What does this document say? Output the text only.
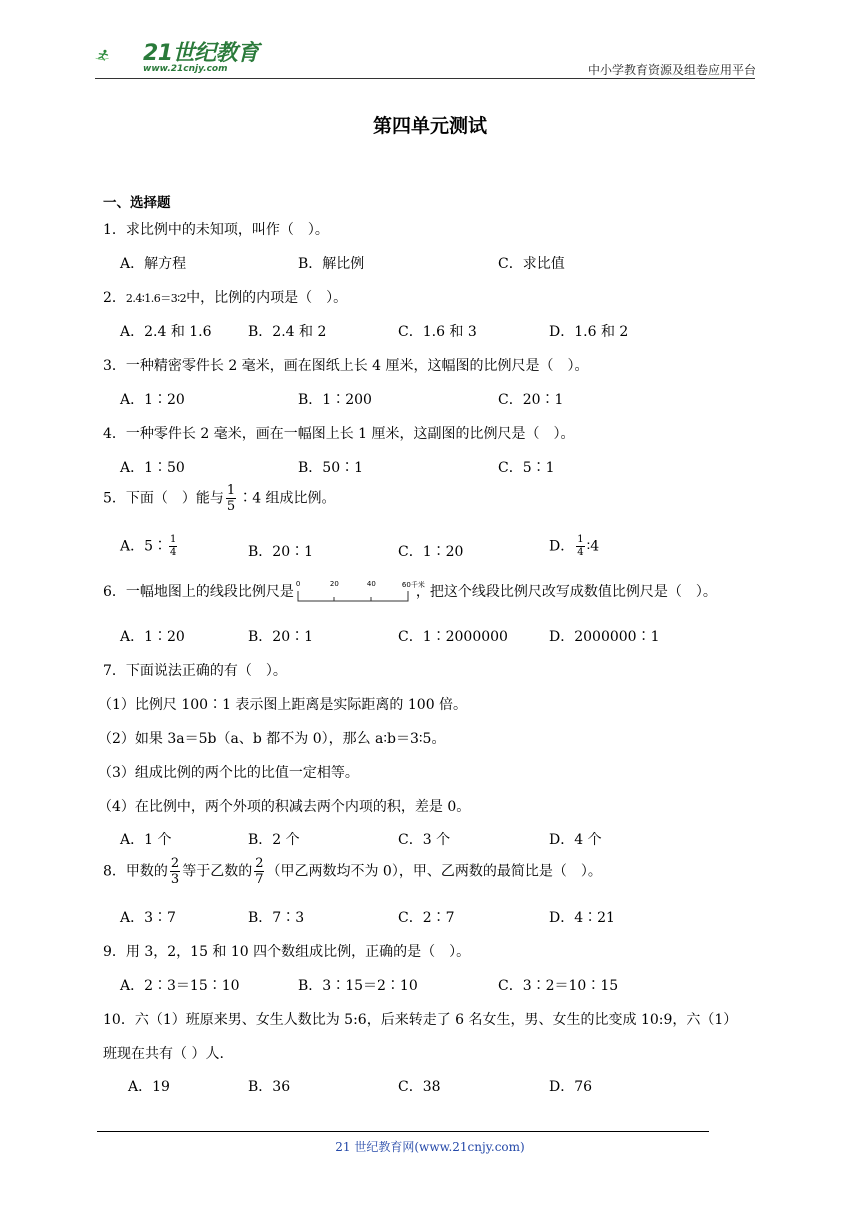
21世纪教育
www.21cnjy.com	中小学教育资源及组卷应用平台
第四单元测试
一、选择题
1．求比例中的未知项，叫作（　）。
A．解方程	B．解比例	C．求比值
2．2.4∶1.6＝3∶2中，比例的内项是（　）。
A．2.4 和 1.6	B．2.4 和 2	C．1.6 和 3	D．1.6 和 2
3．一种精密零件长 2 毫米，画在图纸上长 4 厘米，这幅图的比例尺是（　）。
A．1∶20	B．1∶200	C．20∶1
4．一种零件长 2 毫米，画在一幅图上长 1 厘米，这副图的比例尺是（　）。
A．1∶50	B．50∶1	C．5∶1
5．下面（　）能与 $\frac{1}{5}$ ∶4 组成比例。
A．5∶ $\frac{1}{4}$	B．20∶1	C．1∶20	D． $\frac{1}{4}$ ∶4
6．一幅地图上的线段比例尺是 0	20	40	60千米
，把这个线段比例尺改写成数值比例尺是（　）。
A．1∶20	B．20∶1	C．1∶2000000	D．2000000∶1
7．下面说法正确的有（　）。
（1）比例尺 100∶1 表示图上距离是实际距离的 100 倍。
（2）如果 3a＝5b（a、b 都不为 0），那么 a∶b＝3∶5。
（3）组成比例的两个比的比值一定相等。
（4）在比例中，两个外项的积减去两个内项的积，差是 0。
A．1 个	B．2 个	C．3 个	D．4 个
8．甲数的 $\frac{2}{3}$ 等于乙数的 $\frac{2}{7}$ （甲乙两数均不为 0），甲、乙两数的最简比是（　）。
A．3∶7	B．7∶3	C．2∶7	D．4∶21
9．用 3，2，15 和 10 四个数组成比例，正确的是（　）。
A．2∶3＝15∶10	B．3∶15＝2∶10	C．3∶2＝10∶15
10．六（1）班原来男、女生人数比为 5:6，后来转走了 6 名女生，男、女生的比变成 10:9，六（1）
班现在共有（ ）人.
A．19	B．36	C．38	D．76
21 世纪教育网(www.21cnjy.com)
